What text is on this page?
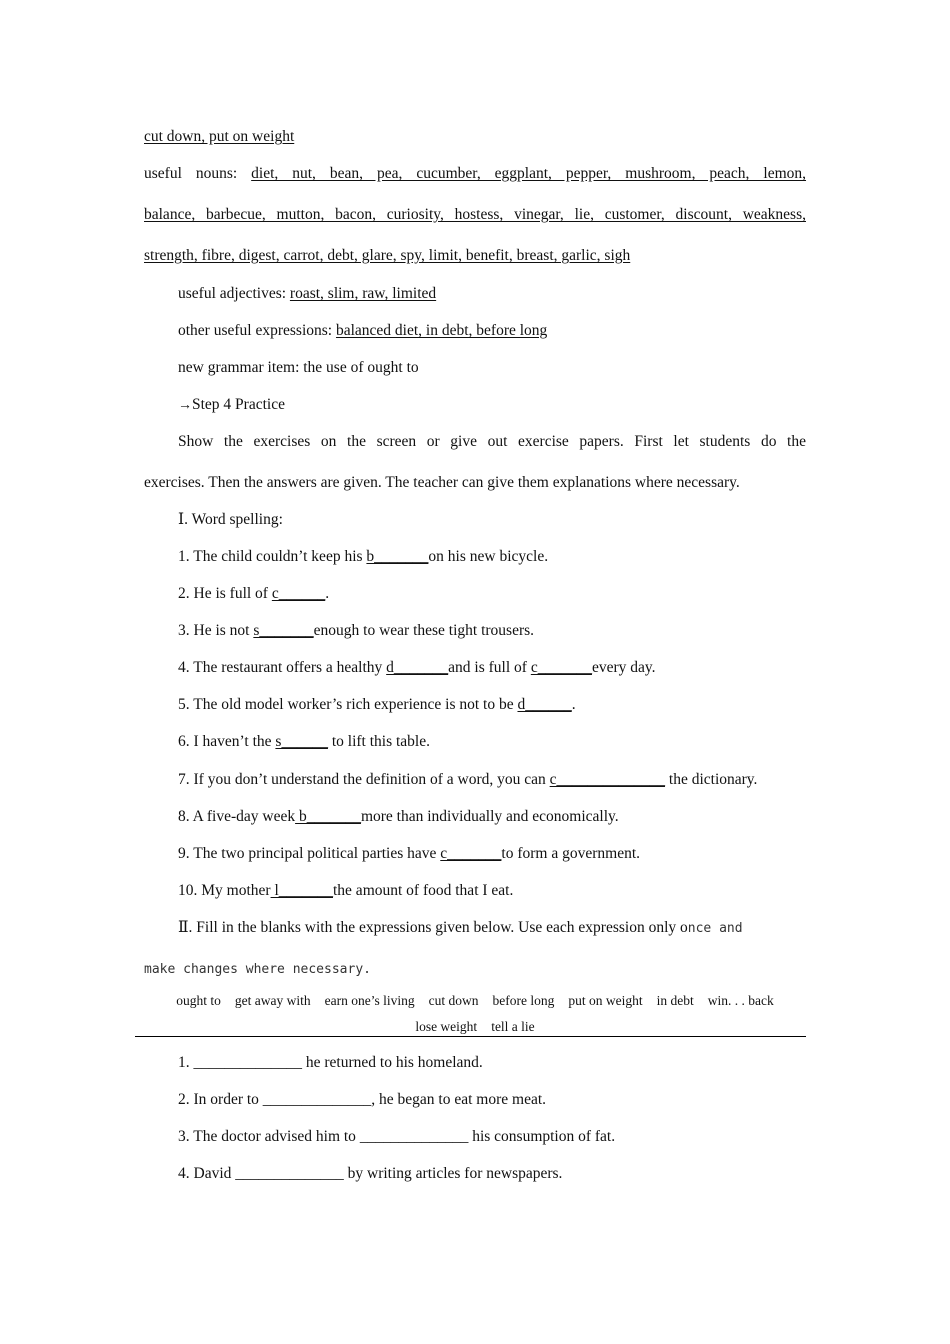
cut down, put on weight
useful nouns: diet, nut, bean, pea, cucumber, eggplant, pepper, mushroom, peach, lemon,
balance, barbecue, mutton, bacon, curiosity, hostess, vinegar, lie, customer, discount, weakness,
strength, fibre, digest, carrot, debt, glare, spy, limit, benefit, breast, garlic, sigh
useful adjectives: roast, slim, raw, limited
other useful expressions: balanced diet, in debt, before long
new grammar item: the use of ought to
→Step 4 Practice
Show the exercises on the screen or give out exercise papers. First let students do the
exercises. Then the answers are given. The teacher can give them explanations where necessary.
Ⅰ. Word spelling:
1. The child couldn’t keep his b_______on his new bicycle.
2. He is full of c______.
3. He is not s_______enough to wear these tight trousers.
4. The restaurant offers a healthy d_______and is full of c_______every day.
5. The old model worker’s rich experience is not to be d______.
6. I haven’t the s______ to lift this table.
7. If you don’t understand the definition of a word, you can c______________ the dictionary.
8. A five-day week b_______more than individually and economically.
9. The two principal political parties have c_______to form a government.
10. My mother l_______the amount of food that I eat.
Ⅱ. Fill in the blanks with the expressions given below. Use each expression only once and
make changes where necessary.
ought to get away with earn one’s living cut down before long put on weight in debt win. . . back
lose weight tell a lie
1. ______________ he returned to his homeland.
2. In order to ______________, he began to eat more meat.
3. The doctor advised him to ______________ his consumption of fat.
4. David ______________ by writing articles for newspapers.
